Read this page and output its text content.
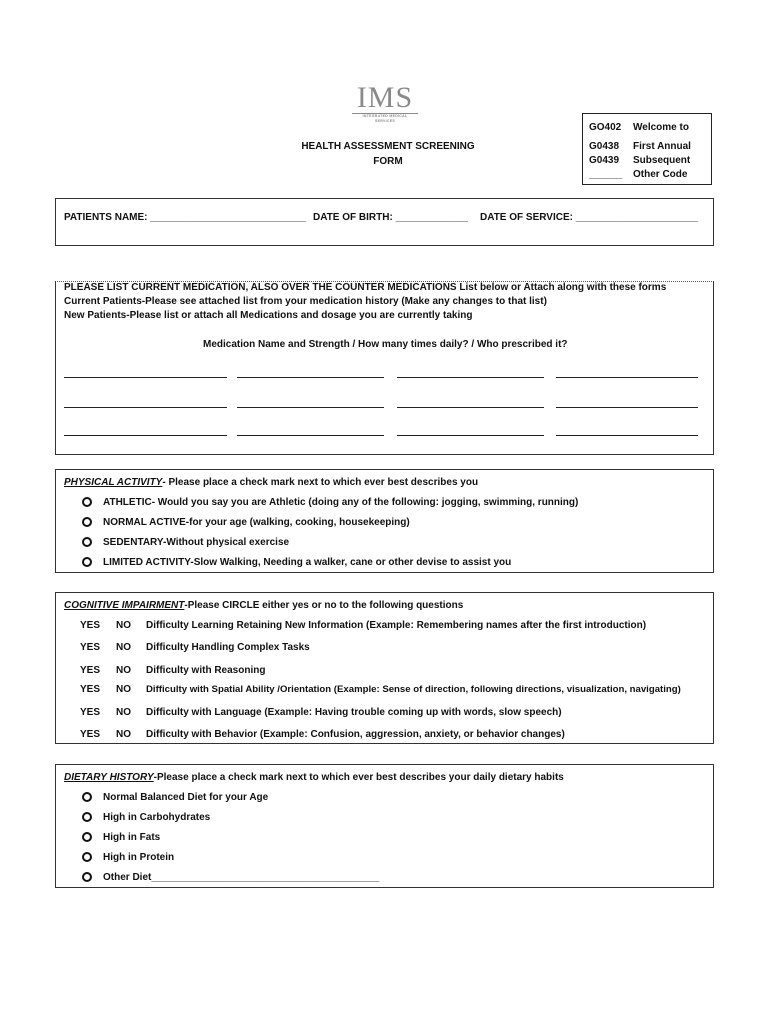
IMS
INTEGRATED MEDICAL SERVICES
HEALTH ASSESSMENT SCREENING
FORM
GO402 Welcome to
G0438 First Annual
G0439 Subsequent
______ Other Code
PATIENTS NAME: ____________________________ DATE OF BIRTH: _____________ DATE OF SERVICE: ______________________
PLEASE LIST CURRENT MEDICATION, ALSO OVER THE COUNTER MEDICATIONS List below or Attach along with these forms
Current Patients-Please see attached list from your medication history (Make any changes to that list)
New Patients-Please list or attach all Medications and dosage you are currently taking
Medication Name and Strength / How many times daily? / Who prescribed it?
PHYSICAL ACTIVITY- Please place a check mark next to which ever best describes you
ATHLETIC- Would you say you are Athletic (doing any of the following: jogging, swimming, running)
NORMAL ACTIVE-for your age (walking, cooking, housekeeping)
SEDENTARY-Without physical exercise
LIMITED ACTIVITY-Slow Walking, Needing a walker, cane or other devise to assist you
COGNITIVE IMPAIRMENT-Please CIRCLE either yes or no to the following questions
YES NO Difficulty Learning Retaining New Information (Example: Remembering names after the first introduction)
YES NO Difficulty Handling Complex Tasks
YES NO Difficulty with Reasoning
YES NO Difficulty with Spatial Ability /Orientation (Example: Sense of direction, following directions, visualization, navigating)
YES NO Difficulty with Language (Example: Having trouble coming up with words, slow speech)
YES NO Difficulty with Behavior (Example: Confusion, aggression, anxiety, or behavior changes)
DIETARY HISTORY-Please place a check mark next to which ever best describes your daily dietary habits
Normal Balanced Diet for your Age
High in Carbohydrates
High in Fats
High in Protein
Other Diet_________________________________________
